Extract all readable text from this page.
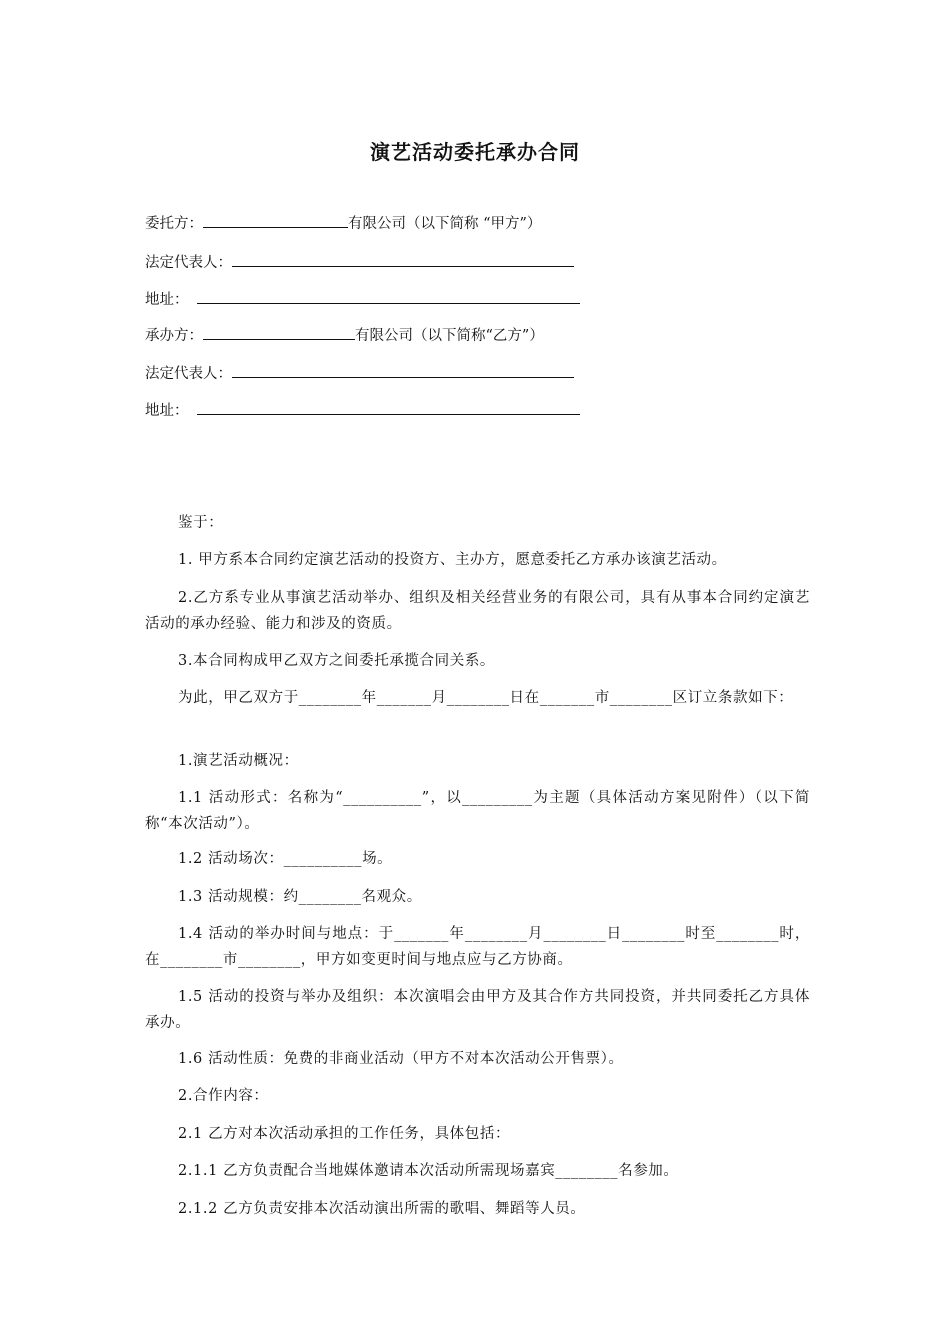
演艺活动委托承办合同
委托方：	有限公司（以下简称 “甲方”）
法定代表人：
地址：
承办方：	有限公司（以下简称“乙方”）
法定代表人：
地址：
鉴于：
1. 甲方系本合同约定演艺活动的投资方、主办方，愿意委托乙方承办该演艺活动。
2.乙方系专业从事演艺活动举办、组织及相关经营业务的有限公司，具有从事本合同约定演艺活动的承办经验、能力和涉及的资质。
3.本合同构成甲乙双方之间委托承揽合同关系。
为此，甲乙双方于________年_______月________日在_______市________区订立条款如下：
1.演艺活动概况：
1.1 活动形式：名称为“__________”，以_________为主题（具体活动方案见附件）（以下简称“本次活动”）。
1.2 活动场次：__________场。
1.3 活动规模：约________名观众。
1.4 活动的举办时间与地点：于_______年________月________日________时至________时，在________市________，甲方如变更时间与地点应与乙方协商。
1.5 活动的投资与举办及组织：本次演唱会由甲方及其合作方共同投资，并共同委托乙方具体承办。
1.6 活动性质：免费的非商业活动（甲方不对本次活动公开售票）。
2.合作内容：
2.1 乙方对本次活动承担的工作任务，具体包括：
2.1.1 乙方负责配合当地媒体邀请本次活动所需现场嘉宾________名参加。
2.1.2 乙方负责安排本次活动演出所需的歌唱、舞蹈等人员。
